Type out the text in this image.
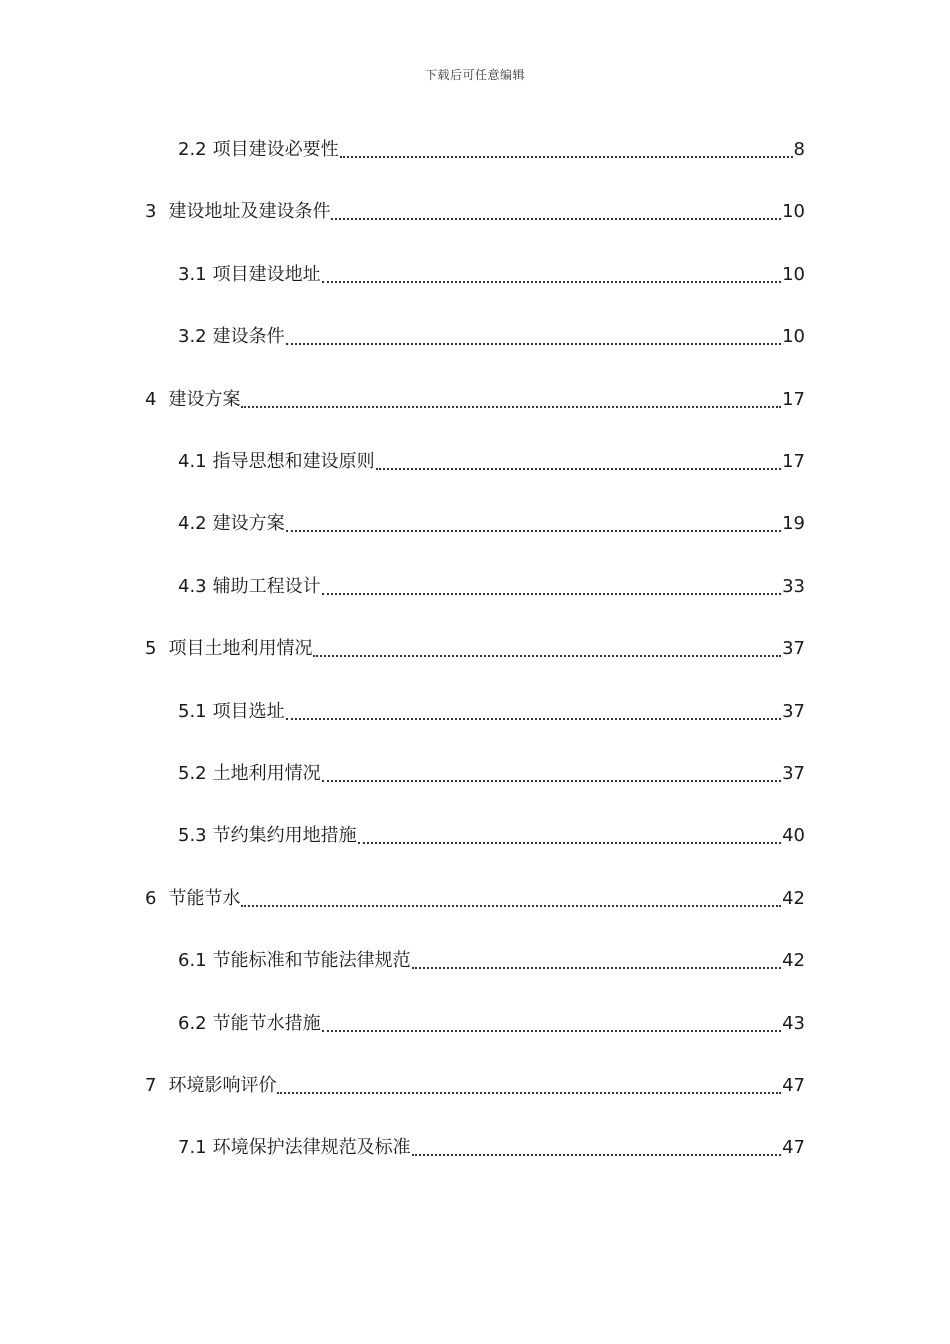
下载后可任意编辑
2.2 项目建设必要性	8
3 建设地址及建设条件	10
3.1 项目建设地址	10
3.2 建设条件	10
4 建设方案	17
4.1 指导思想和建设原则	17
4.2 建设方案	19
4.3 辅助工程设计	33
5 项目土地利用情况	37
5.1 项目选址	37
5.2 土地利用情况	37
5.3 节约集约用地措施	40
6 节能节水	42
6.1 节能标准和节能法律规范	42
6.2 节能节水措施	43
7 环境影响评价	47
7.1 环境保护法律规范及标准	47
